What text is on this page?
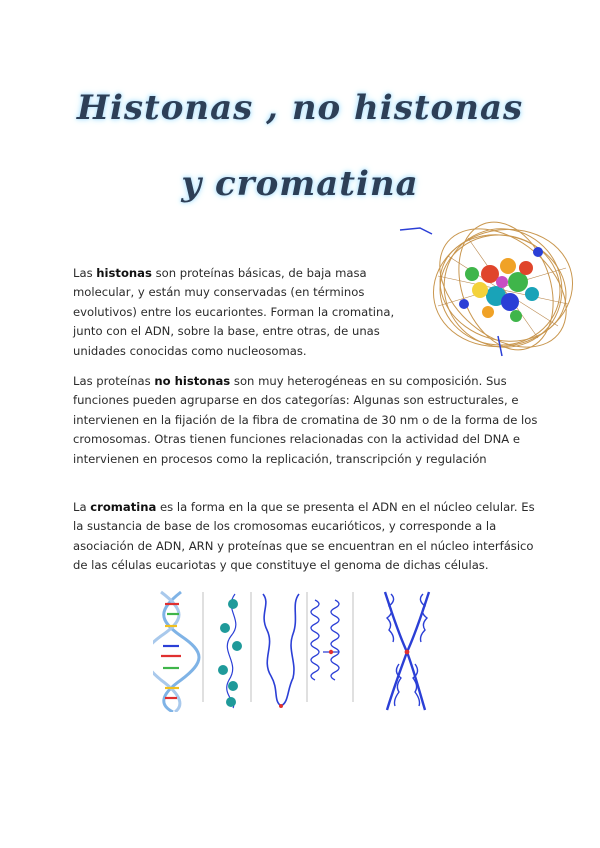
Histonas , no histonas
y cromatina
Las histonas son proteínas básicas, de baja masa molecular, y están muy conservadas (en términos evolutivos) entre los eucariontes. Forman la cromatina, junto con el ADN, sobre la base, entre otras, de unas unidades conocidas como nucleosomas.
Las proteínas no histonas son muy heterogéneas en su composición. Sus funciones pueden agruparse en dos categorías: Algunas son estructurales, e intervienen en la fijación de la fibra de cromatina de 30 nm o de la forma de los cromosomas. Otras tienen funciones relacionadas con la actividad del DNA e intervienen en procesos como la replicación, transcripción y regulación
La cromatina es la forma en la que se presenta el ADN en el núcleo celular. Es la sustancia de base de los cromosomas eucarióticos, y corresponde a la asociación de ADN, ARN y proteínas que se encuentran en el núcleo interfásico de las células eucariotas y que constituye el genoma de dichas células.
